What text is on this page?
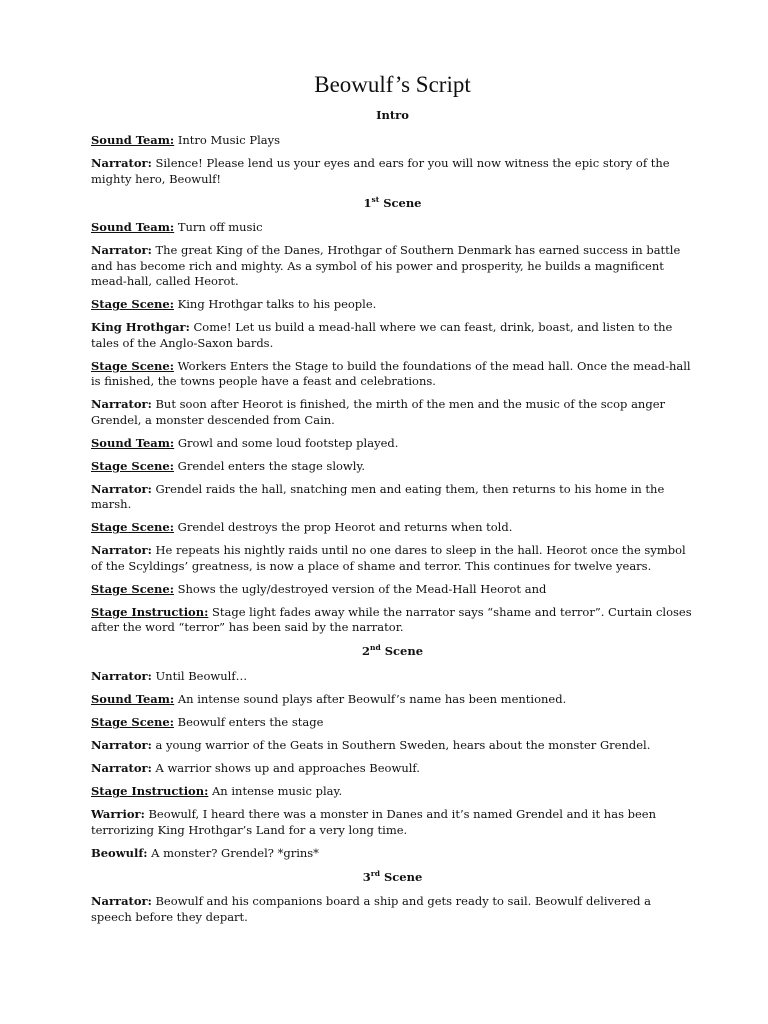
Beowulf’s Script
Intro

Sound Team: Intro Music Plays

Narrator: Silence! Please lend us your eyes and ears for you will now witness the epic story of the mighty hero, Beowulf!

1st Scene

Sound Team: Turn off music

Narrator: The great King of the Danes, Hrothgar of Southern Denmark has earned success in battle and has become rich and mighty. As a symbol of his power and prosperity, he builds a magnificent mead-hall, called Heorot.

Stage Scene: King Hrothgar talks to his people.

King Hrothgar: Come! Let us build a mead-hall where we can feast, drink, boast, and listen to the tales of the Anglo-Saxon bards.

Stage Scene: Workers Enters the Stage to build the foundations of the mead hall. Once the mead-hall is finished, the towns people have a feast and celebrations.

Narrator: But soon after Heorot is finished, the mirth of the men and the music of the scop anger Grendel, a monster descended from Cain.

Sound Team: Growl and some loud footstep played.

Stage Scene: Grendel enters the stage slowly.

Narrator: Grendel raids the hall, snatching men and eating them, then returns to his home in the marsh.

Stage Scene: Grendel destroys the prop Heorot and returns when told.

Narrator: He repeats his nightly raids until no one dares to sleep in the hall. Heorot once the symbol of the Scyldings’ greatness, is now a place of shame and terror. This continues for twelve years.

Stage Scene: Shows the ugly/destroyed version of the Mead-Hall Heorot and

Stage Instruction: Stage light fades away while the narrator says “shame and terror”. Curtain closes after the word “terror” has been said by the narrator.

2nd Scene

Narrator: Until Beowulf…

Sound Team: An intense sound plays after Beowulf’s name has been mentioned.

Stage Scene: Beowulf enters the stage

Narrator: a young warrior of the Geats in Southern Sweden, hears about the monster Grendel.

Narrator: A warrior shows up and approaches Beowulf.

Stage Instruction: An intense music play.

Warrior: Beowulf, I heard there was a monster in Danes and it’s named Grendel and it has been terrorizing King Hrothgar’s Land for a very long time.

Beowulf: A monster? Grendel? *grins*

3rd Scene

Narrator: Beowulf and his companions board a ship and gets ready to sail. Beowulf delivered a speech before they depart.
